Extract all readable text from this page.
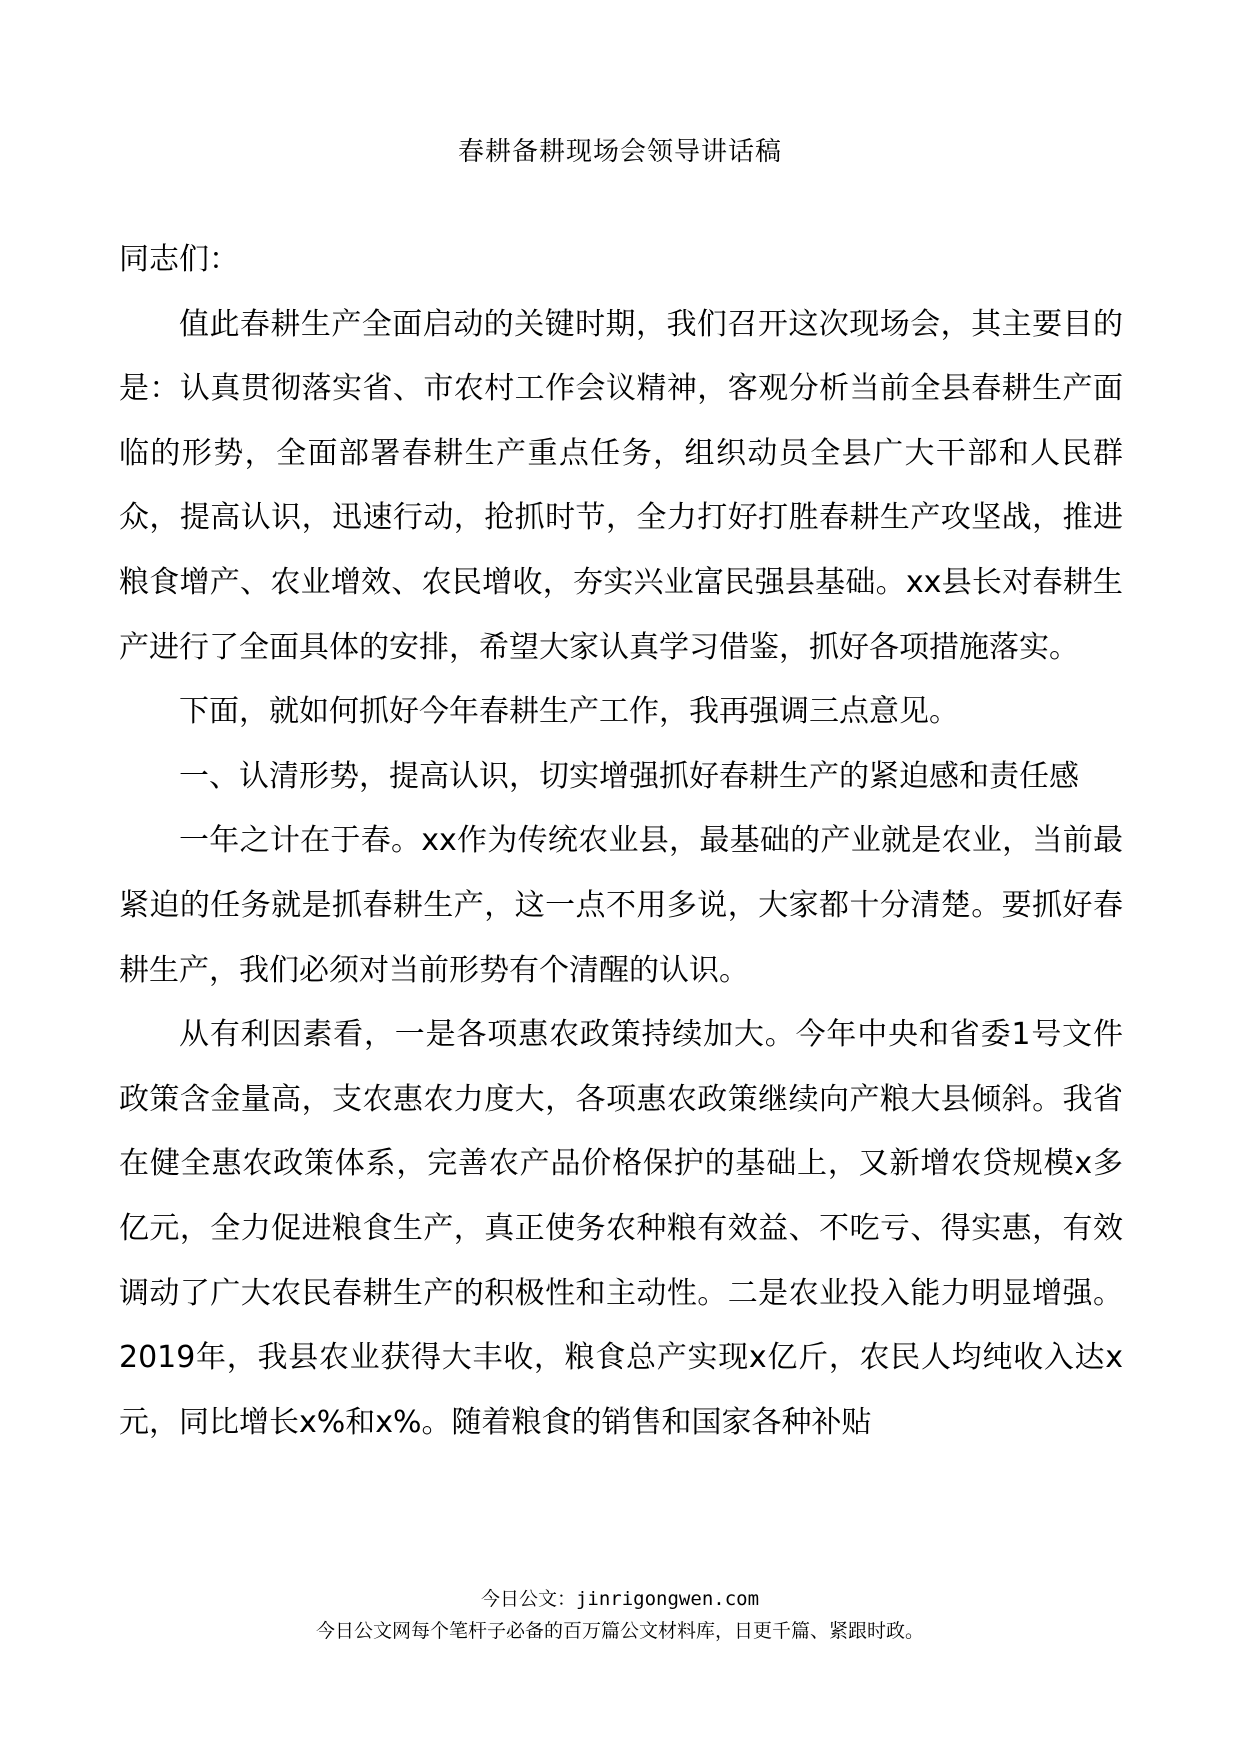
春耕备耕现场会领导讲话稿

同志们：

值此春耕生产全面启动的关键时期，我们召开这次现场会，其主要目的是：认真贯彻落实省、市农村工作会议精神，客观分析当前全县春耕生产面临的形势，全面部署春耕生产重点任务，组织动员全县广大干部和人民群众，提高认识，迅速行动，抢抓时节，全力打好打胜春耕生产攻坚战，推进粮食增产、农业增效、农民增收，夯实兴业富民强县基础。xx县长对春耕生产进行了全面具体的安排，希望大家认真学习借鉴，抓好各项措施落实。

下面，就如何抓好今年春耕生产工作，我再强调三点意见。

一、认清形势，提高认识，切实增强抓好春耕生产的紧迫感和责任感

一年之计在于春。xx作为传统农业县，最基础的产业就是农业，当前最紧迫的任务就是抓春耕生产，这一点不用多说，大家都十分清楚。要抓好春耕生产，我们必须对当前形势有个清醒的认识。

从有利因素看，一是各项惠农政策持续加大。今年中央和省委1号文件政策含金量高，支农惠农力度大，各项惠农政策继续向产粮大县倾斜。我省在健全惠农政策体系，完善农产品价格保护的基础上，又新增农贷规模x多亿元，全力促进粮食生产，真正使务农种粮有效益、不吃亏、得实惠，有效调动了广大农民春耕生产的积极性和主动性。二是农业投入能力明显增强。2019年，我县农业获得大丰收，粮食总产实现x亿斤，农民人均纯收入达x元，同比增长x%和x%。随着粮食的销售和国家各种补贴

今日公文：jinrigongwen.com
今日公文网每个笔杆子必备的百万篇公文材料库，日更千篇、紧跟时政。
